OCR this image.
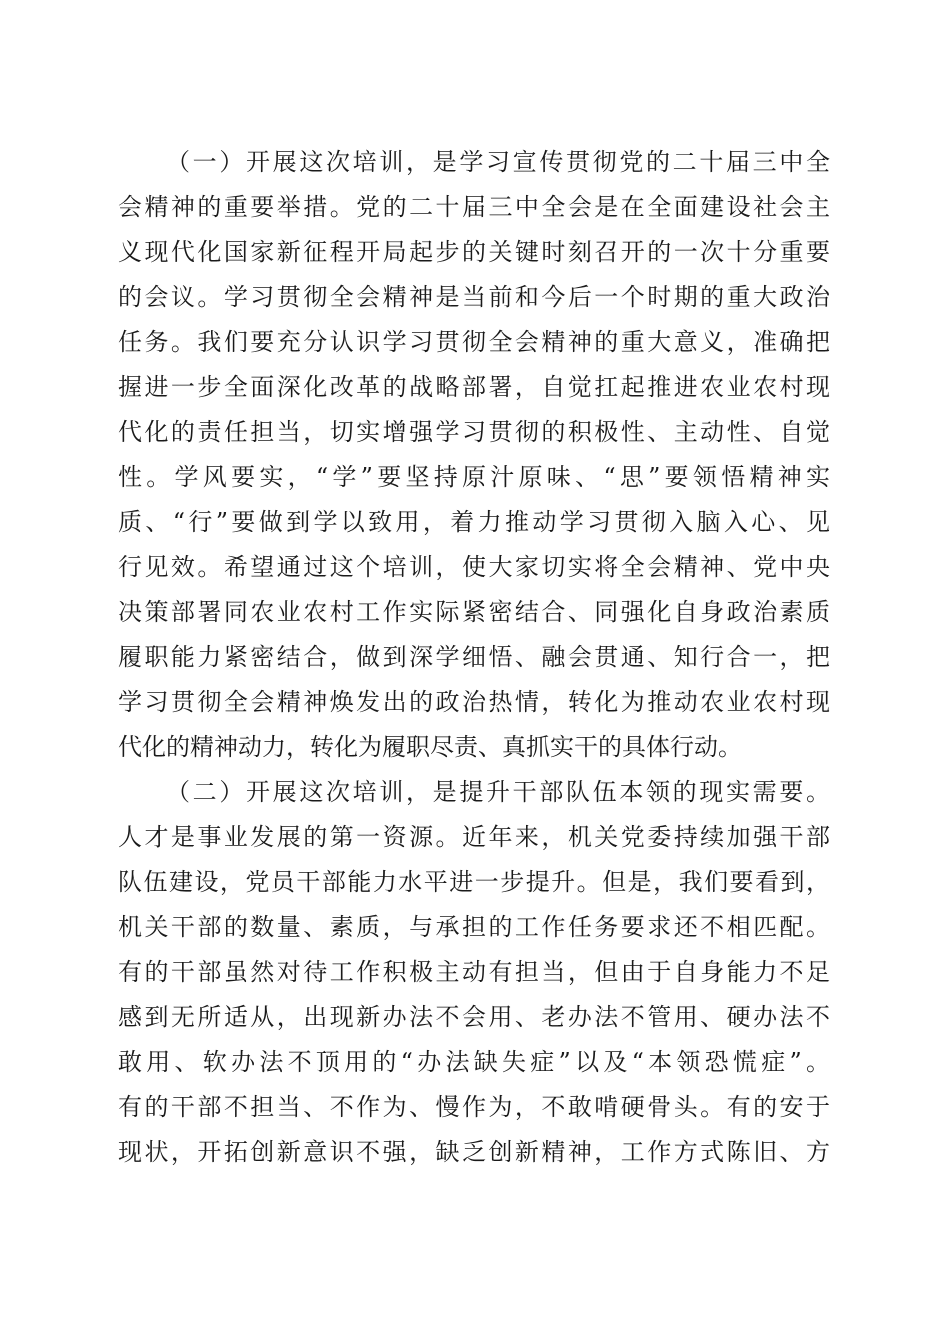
（一）开展这次培训，是学习宣传贯彻党的二十届三中全
会精神的重要举措。党的二十届三中全会是在全面建设社会主
义现代化国家新征程开局起步的关键时刻召开的一次十分重要
的会议。学习贯彻全会精神是当前和今后一个时期的重大政治
任务。我们要充分认识学习贯彻全会精神的重大意义，准确把
握进一步全面深化改革的战略部署，自觉扛起推进农业农村现
代化的责任担当，切实增强学习贯彻的积极性、主动性、自觉
性。学风要实，“学”要坚持原汁原味、“思”要领悟精神实
质、“行”要做到学以致用，着力推动学习贯彻入脑入心、见
行见效。希望通过这个培训，使大家切实将全会精神、党中央
决策部署同农业农村工作实际紧密结合、同强化自身政治素质
履职能力紧密结合，做到深学细悟、融会贯通、知行合一，把
学习贯彻全会精神焕发出的政治热情，转化为推动农业农村现
代化的精神动力，转化为履职尽责、真抓实干的具体行动。
（二）开展这次培训，是提升干部队伍本领的现实需要。
人才是事业发展的第一资源。近年来，机关党委持续加强干部
队伍建设，党员干部能力水平进一步提升。但是，我们要看到，
机关干部的数量、素质，与承担的工作任务要求还不相匹配。
有的干部虽然对待工作积极主动有担当，但由于自身能力不足
感到无所适从，出现新办法不会用、老办法不管用、硬办法不
敢用、软办法不顶用的“办法缺失症”以及“本领恐慌症”。
有的干部不担当、不作为、慢作为，不敢啃硬骨头。有的安于
现状，开拓创新意识不强，缺乏创新精神，工作方式陈旧、方
